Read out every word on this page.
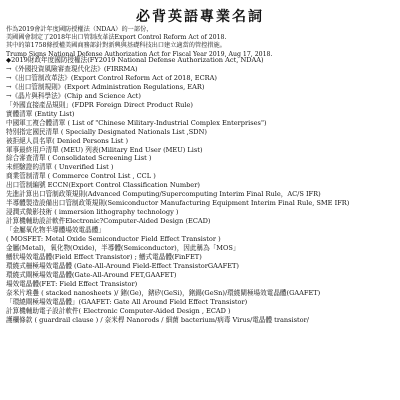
必背英語專業名詞
作為2019會計年度國防授權法（NDAA）的一部份，
美國國會制定了2018年出口管制改革法Export Control Reform Act of 2018.
其中的第1758條授權美國商務部針對新興與基礎科技出口建立適當的管控措施。
Trump Signs National Defense Authorization Act for Fiscal Year 2019, Aug 17, 2018.
◆2019財政年度國防授權法(FY2019 National Defense Authorization Act, NDAA)
→《外國投資風險審查現代化法》(FIRRMA)
→《出口管制改革法》(Export Control Reform Act of 2018, ECRA)
→《出口管制規則》(Export Administration Regulations, EAR)
→《晶片與科學法》(Chip and Science Act)
「外國直接產品規則」(FDPR Foreign Direct Product Rule)
實體清單 (Entity List)
中國軍工複合體清單 ( List of "Chinese Military-Industrial Complex Enterprises")
特別指定國民清單 ( Specially Designated Nationals List ,SDN)
被拒絕人員名單( Denied Persons List )
軍事最終用戶清單 (MEU) 列表(Military End User (MEU) List)
綜合審查清單 ( Consolidated Screening List )
未經驗證的清單 ( Unverified List )
商業管制清單 ( Commerce Control List , CCL )
出口管制編號 ECCN(Export Control Classification Number)
先進計算出口管制政策規則(Advanced Computing/Supercomputing Interim Final Rule，AC/S IFR)
半導體製造設備出口管制政策規則(Semiconductor Manufacturing Equipment Interim Final Rule, SME IFR)
浸潤式微影技術 ( immersion lithography technology )
計算機輔助設計軟件Electronic?Computer-Aided Design (ECAD)
「金屬氧化物半導體場效電晶體」
( MOSFET: Metal Oxide Semiconductor Field Effect Transistor )
金屬(Metal)，氧化物(Oxide)，半導體(Semiconductor)，因此稱為「MOS」
鰭狀場效電晶體(Field Effect Transistor) ; 鰭式電晶體(FinFET)
環繞式柵極場效電晶體 (Gate-All-Around Field-Effect TransistorGAAFET)
環繞式閘極場效電晶體(Gate-All-Around FET,GAAFET)
場效電晶體(FET: Field Effect Transistor)
奈米片堆疊 ( stacked nanosheets )/ 鍺(Ge)，鍺矽(GeSi)，鍺錫(GeSn)/環繞閘極場效電晶體(GAAFET)
「環繞閘極場效電晶體」(GAAFET: Gate All Around Field Effect Transistor)
計算機輔助電子設計軟件( Electronic Computer-Aided Design , ECAD )
護欄條款 ( guardrail clause ) / 奈米桿 Nanorods / 細菌 bacterium/病毒 Virus/電晶體 transistor/
